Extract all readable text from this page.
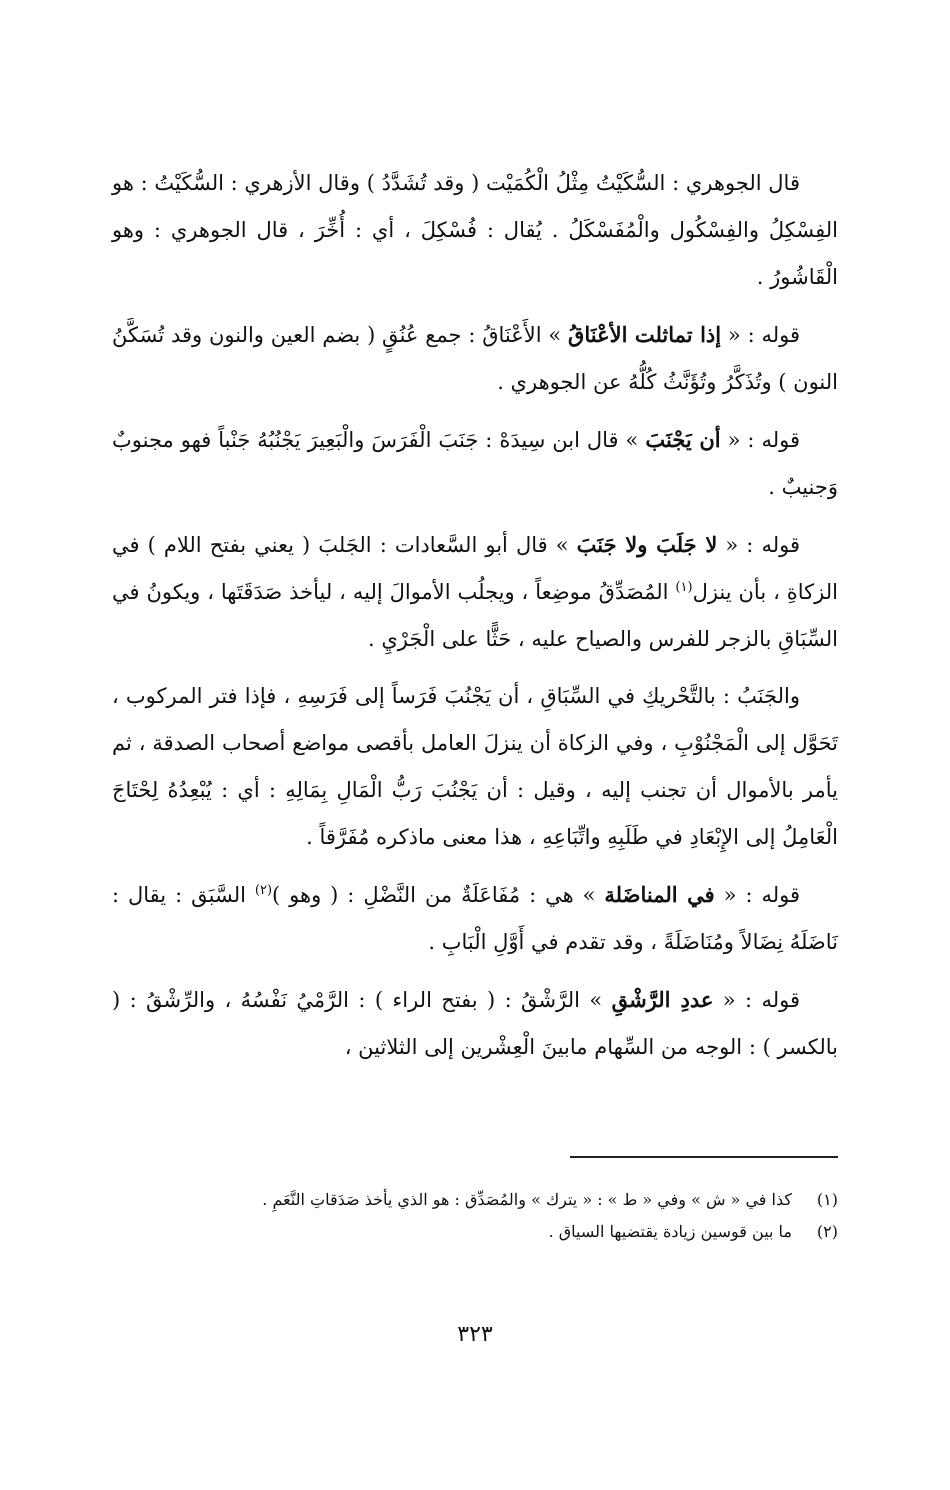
قال الجوهري : السُّكَيْتُ مِثْلُ الْكُمَيْت ( وقد تُشَدَّدُ ) وقال الأزهري : السُّكَيْتُ : هو الفِسْكِلُ والفِسْكُول والْمُفَسْكَلُ . يُقال : فُسْكِلَ ، أي : أُخِّرَ ، قال الجوهري : وهو الْقَاشُورُ .

قوله : « إذا تماثلت الأعْنَاقُ » الأَعْنَاقُ : جمع عُنُقٍ ( بضم العين والنون وقد تُسَكَّنُ النون ) وتُذَكَّرُ وتُؤَنَّثُ كُلُّهُ عن الجوهري .

قوله : « أن يَجْنَبَ » قال ابن سِيدَهْ : جَنَبَ الْفَرَسَ والْبَعِيرَ يَجْنُبُهُ جَنْباً فهو مجنوبٌ وَجنيبٌ .

قوله : « لا جَلَبَ ولا جَنَبَ » قال أبو السَّعادات : الجَلبَ ( يعني بفتح اللام ) في الزكاةِ ، بأن ينزل$^{(١)}$ المُصَدِّقُ موضِعاً ، ويجلُب الأموالَ إليه ، ليأخذ صَدَقَتَها ، ويكونُ في السِّبَاقِ بالزجر للفرس والصياح عليه ، حَثًّا على الْجَرْيِ .

والجَنَبُ : بالتَّحْريكِ في السِّبَاقِ ، أن يَجْنُبَ فَرَساً إلى فَرَسِهِ ، فإذا فتر المركوب ، تَحَوَّل إلى الْمَجْنُوْبِ ، وفي الزكاة أن ينزلَ العامل بأقصى مواضع أصحاب الصدقة ، ثم يأمر بالأموال أن تجنب إليه ، وقيل : أن يَجْنُبَ رَبُّ الْمَالِ بِمَالِهِ : أي : يُبْعِدُهُ لِحْتَاجَ الْعَامِلُ إلى الإِبْعَادِ في طَلَبِهِ واتِّبَاعِهِ ، هذا معنى ماذكره مُفَرَّقاً .

قوله : « في المناضَلة » هي : مُفَاعَلَةٌ من النَّضْلِ : ( وهو )$^{(٢)}$ السَّبَق : يقال : نَاضَلَهُ نِضَالاً ومُنَاضَلَةً ، وقد تقدم في أَوَّلِ الْبَابِ .

قوله : « عددِ الرَّشْقِ » الرَّشْقُ : ( بفتح الراء ) : الرَّمْيُ نَفْسُهُ ، والرِّشْقُ : ( بالكسر ) : الوجه من السِّهام مابينَ الْعِشْرين إلى الثلاثين ،

(١)
كذا في « ش » وفي « ط » : « يترك » والمُصَدِّق : هو الذي يأخذ صَدَقاتِ النَّعَمِ .
(٢)
ما بين قوسين زيادة يقتضيها السياق .
٣٢٣
